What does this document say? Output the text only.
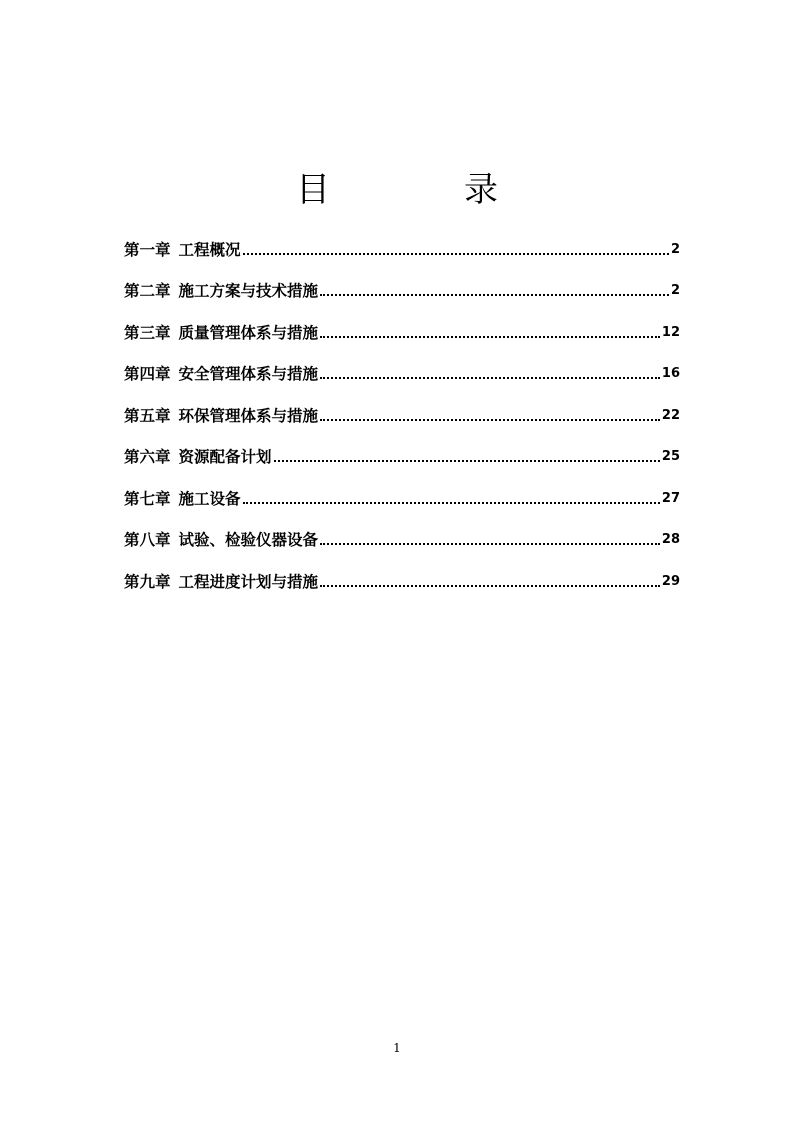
目　录
第一章 工程概况	2
第二章 施工方案与技术措施	2
第三章 质量管理体系与措施	12
第四章 安全管理体系与措施	16
第五章 环保管理体系与措施	22
第六章 资源配备计划	25
第七章 施工设备	27
第八章 试验、检验仪器设备	28
第九章 工程进度计划与措施	29
1
